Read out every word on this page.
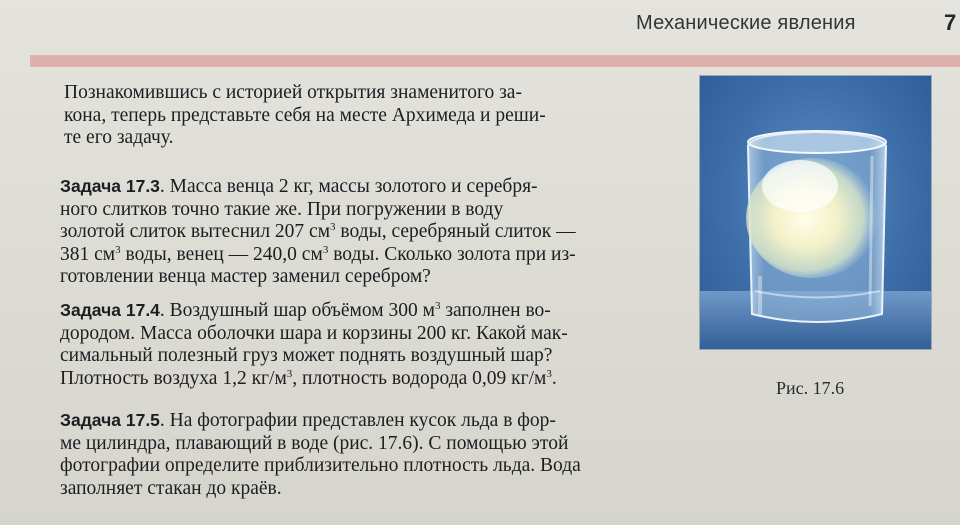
Механические явления	7
Познакомившись с историей открытия знаменитого за-
кона, теперь представьте себя на месте Архимеда и реши-
те его задачу.
Задача 17.3. Масса венца 2 кг, массы золотого и серебря-
ного слитков точно такие же. При погружении в воду
золотой слиток вытеснил 207 $см^3$ воды, серебряный слиток —
381 $см^3$ воды, венец — 240,0 $см^3$ воды. Сколько золота при из-
готовлении венца мастер заменил серебром?
Задача 17.4. Воздушный шар объёмом 300 $м^3$ заполнен во-
дородом. Масса оболочки шара и корзины 200 кг. Какой мак-
симальный полезный груз может поднять воздушный шар?
Плотность воздуха 1,2 $кг/м^3$, плотность водорода 0,09 $кг/м^3$.
Задача 17.5. На фотографии представлен кусок льда в фор-
ме цилиндра, плавающий в воде (рис. 17.6). С помощью этой
фотографии определите приблизительно плотность льда. Вода
заполняет стакан до краёв.
Рис. 17.6
